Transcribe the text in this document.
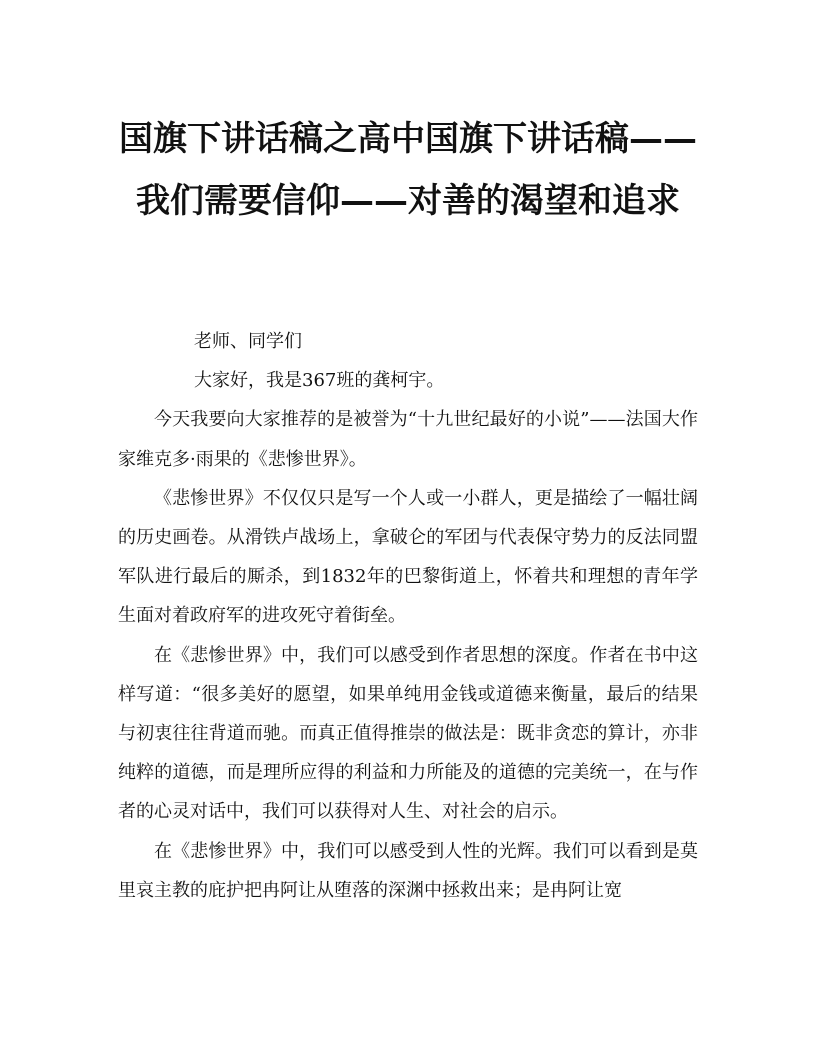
国旗下讲话稿之高中国旗下讲话稿——我们需要信仰——对善的渴望和追求

老师、同学们

大家好，我是367班的龚柯宇。

今天我要向大家推荐的是被誉为“十九世纪最好的小说”——法国大作家维克多·雨果的《悲惨世界》。

《悲惨世界》不仅仅只是写一个人或一小群人，更是描绘了一幅壮阔的历史画卷。从滑铁卢战场上，拿破仑的军团与代表保守势力的反法同盟军队进行最后的厮杀，到1832年的巴黎街道上，怀着共和理想的青年学生面对着政府军的进攻死守着街垒。

在《悲惨世界》中，我们可以感受到作者思想的深度。作者在书中这样写道：“很多美好的愿望，如果单纯用金钱或道德来衡量，最后的结果与初衷往往背道而驰。而真正值得推崇的做法是：既非贪恋的算计，亦非纯粹的道德，而是理所应得的利益和力所能及的道德的完美统一，在与作者的心灵对话中，我们可以获得对人生、对社会的启示。

在《悲惨世界》中，我们可以感受到人性的光辉。我们可以看到是莫里哀主教的庇护把冉阿让从堕落的深渊中拯救出来；是冉阿让宽
